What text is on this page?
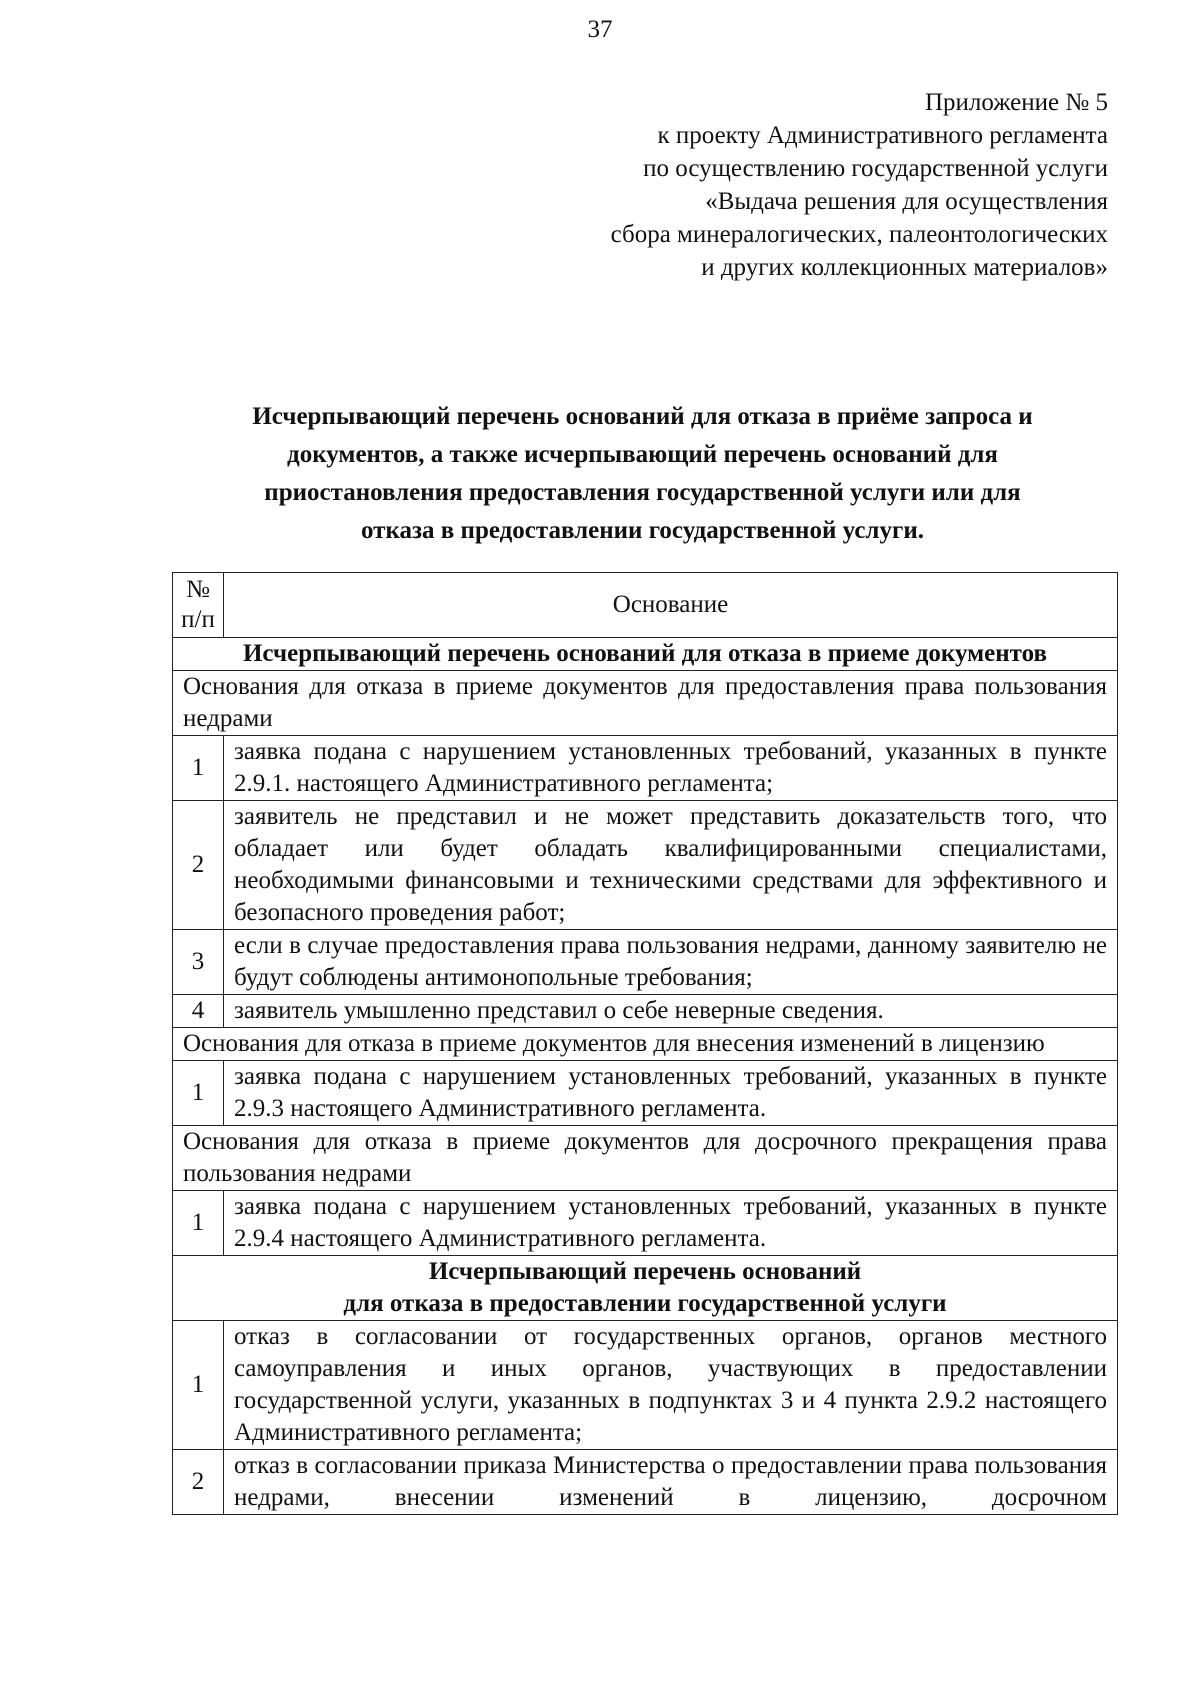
37
Приложение № 5
к проекту Административного регламента
по осуществлению государственной услуги
«Выдача решения для осуществления
сбора минералогических, палеонтологических
и других коллекционных материалов»
Исчерпывающий перечень оснований для отказа в приёме запроса и
документов, а также исчерпывающий перечень оснований для
приостановления предоставления государственной услуги или для
отказа в предоставлении государственной услуги.
№
п/п	Основание
Исчерпывающий перечень оснований для отказа в приеме документов	
Основания для отказа в приеме документов для предоставления права пользования недрами	
1	заявка подана с нарушением установленных требований, указанных в пункте 2.9.1. настоящего Административного регламента;
2	заявитель не представил и не может представить доказательств того, что обладает или будет обладать квалифицированными специалистами, необходимыми финансовыми и техническими средствами для эффективного и безопасного проведения работ;
3	если в случае предоставления права пользования недрами, данному заявителю не будут соблюдены антимонопольные требования;
4	заявитель умышленно представил о себе неверные сведения.
Основания для отказа в приеме документов для внесения изменений в лицензию	
1	заявка подана с нарушением установленных требований, указанных в пункте 2.9.3 настоящего Административного регламента.
Основания для отказа в приеме документов для досрочного прекращения права пользования недрами	
1	заявка подана с нарушением установленных требований, указанных в пункте 2.9.4 настоящего Административного регламента.

Исчерпывающий перечень оснований
для отказа в предоставлении государственной услуги	

1	отказ в согласовании от государственных органов, органов местного самоуправления и иных органов, участвующих в предоставлении государственной услуги, указанных в подпунктах 3 и 4 пункта 2.9.2 настоящего Административного регламента;
2	отказ в согласовании приказа Министерства о предоставлении права пользования недрами, внесении изменений в лицензию, досрочном
